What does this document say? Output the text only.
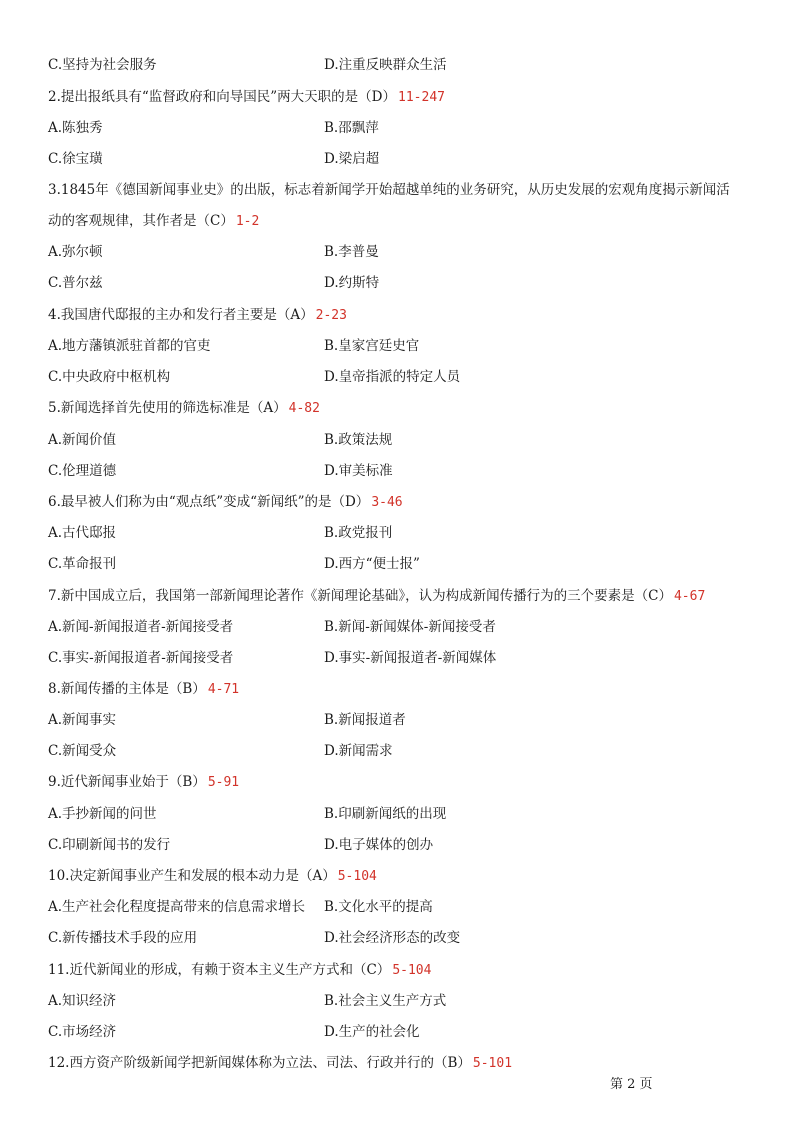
C.坚持为社会服务	D.注重反映群众生活
2.提出报纸具有“监督政府和向导国民”两大天职的是（D） 11-247
A.陈独秀	B.邵飘萍
C.徐宝璜	D.梁启超
3.1845年《德国新闻事业史》的出版，标志着新闻学开始超越单纯的业务研究，从历史发展的宏观角度揭示新闻活
动的客观规律，其作者是（C） 1-2
A.弥尔顿	B.李普曼
C.普尔兹	D.约斯特
4.我国唐代邸报的主办和发行者主要是（A） 2-23
A.地方藩镇派驻首都的官吏	B.皇家宫廷史官
C.中央政府中枢机构	D.皇帝指派的特定人员
5.新闻选择首先使用的筛选标准是（A） 4-82
A.新闻价值	B.政策法规
C.伦理道德	D.审美标准
6.最早被人们称为由“观点纸”变成“新闻纸”的是（D） 3-46
A.古代邸报	B.政党报刊
C.革命报刊	D.西方“便士报”
7.新中国成立后，我国第一部新闻理论著作《新闻理论基础》，认为构成新闻传播行为的三个要素是（C） 4-67
A.新闻-新闻报道者-新闻接受者	B.新闻-新闻媒体-新闻接受者
C.事实-新闻报道者-新闻接受者	D.事实-新闻报道者-新闻媒体
8.新闻传播的主体是（B） 4-71
A.新闻事实	B.新闻报道者
C.新闻受众	D.新闻需求
9.近代新闻事业始于（B） 5-91
A.手抄新闻的问世	B.印刷新闻纸的出现
C.印刷新闻书的发行	D.电子媒体的创办
10.决定新闻事业产生和发展的根本动力是（A） 5-104
A.生产社会化程度提高带来的信息需求增长 B.文化水平的提高
C.新传播技术手段的应用	D.社会经济形态的改变
11.近代新闻业的形成，有赖于资本主义生产方式和（C） 5-104
A.知识经济	B.社会主义生产方式
C.市场经济	D.生产的社会化
12.西方资产阶级新闻学把新闻媒体称为立法、司法、行政并行的（B） 5-101
第 2 页
